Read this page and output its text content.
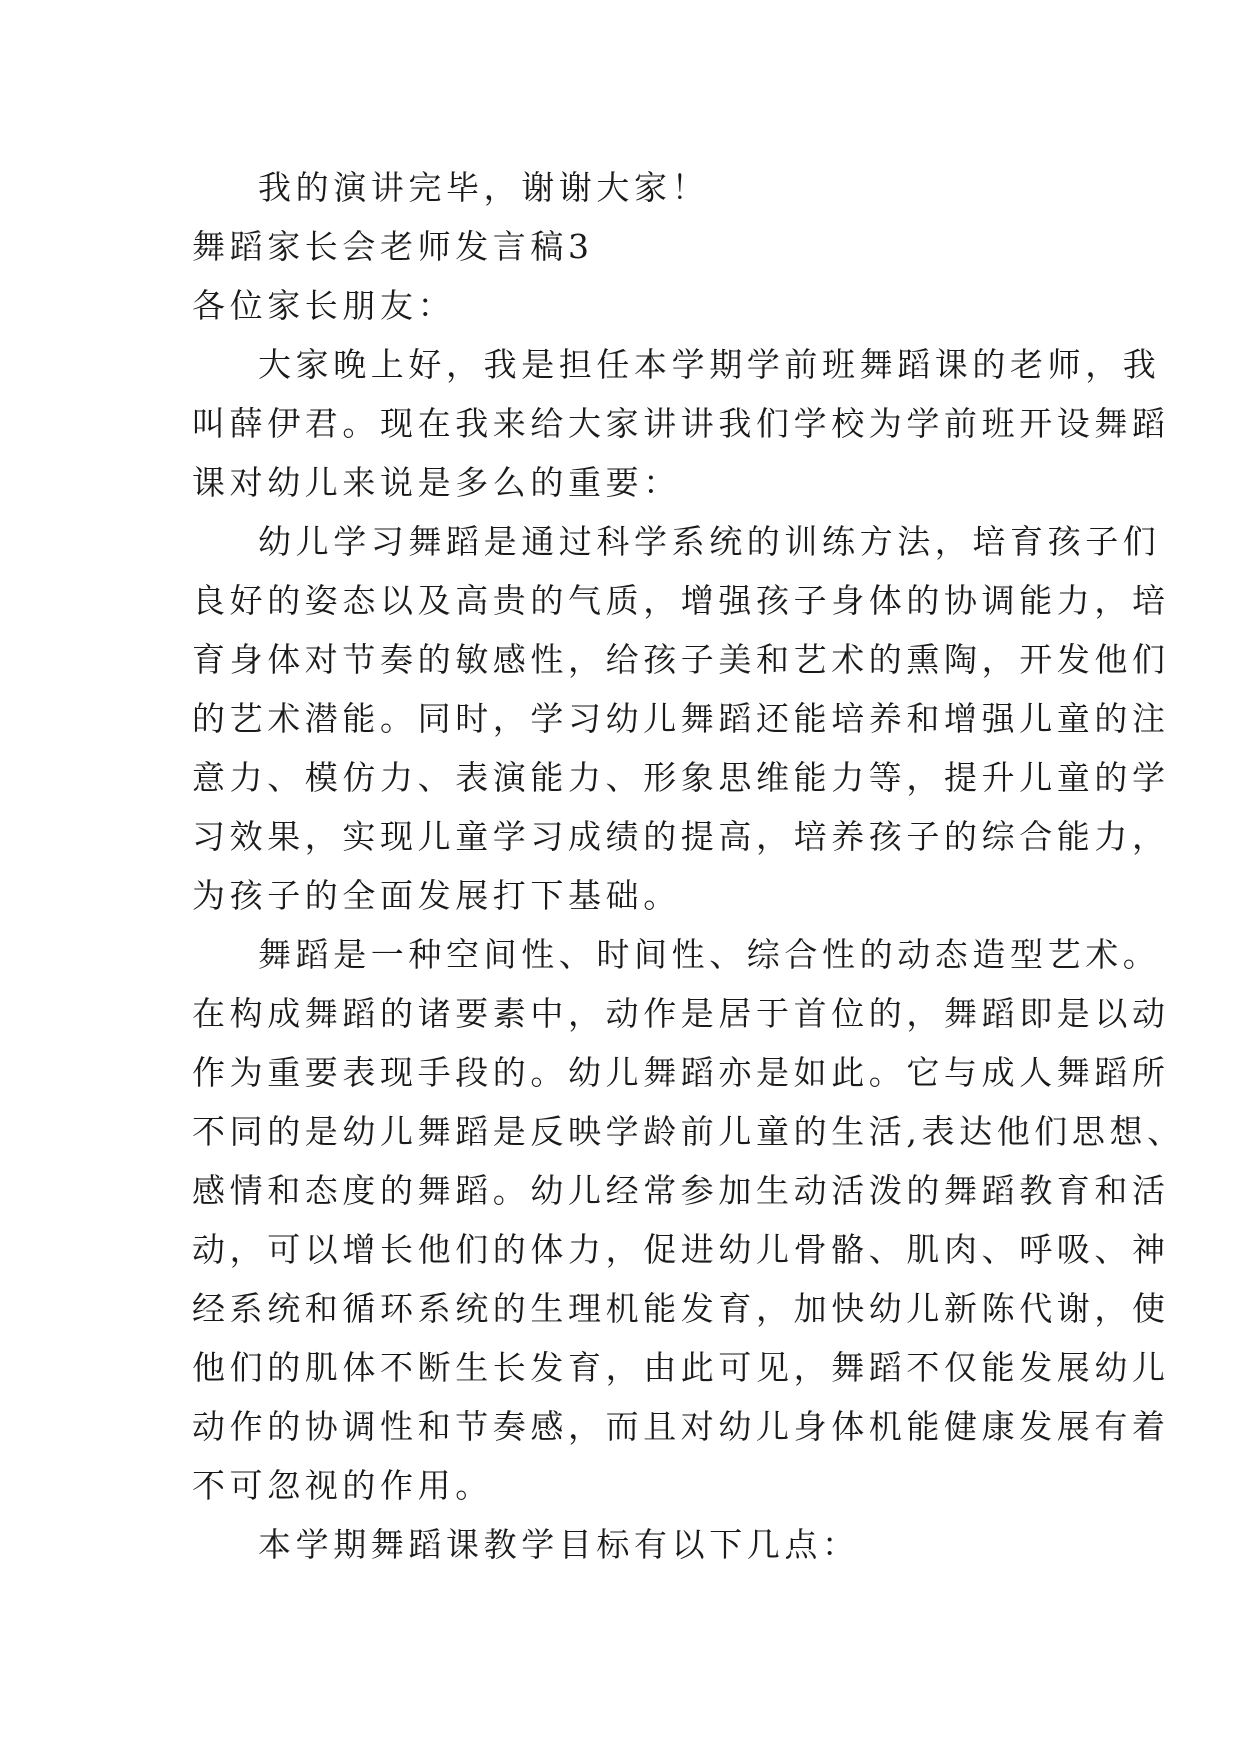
我的演讲完毕，谢谢大家！
舞蹈家长会老师发言稿3
各位家长朋友：
大家晚上好，我是担任本学期学前班舞蹈课的老师，我
叫薛伊君。现在我来给大家讲讲我们学校为学前班开设舞蹈
课对幼儿来说是多么的重要：
幼儿学习舞蹈是通过科学系统的训练方法，培育孩子们
良好的姿态以及高贵的气质，增强孩子身体的协调能力，培
育身体对节奏的敏感性，给孩子美和艺术的熏陶，开发他们
的艺术潜能。同时，学习幼儿舞蹈还能培养和增强儿童的注
意力、模仿力、表演能力、形象思维能力等，提升儿童的学
习效果，实现儿童学习成绩的提高，培养孩子的综合能力，
为孩子的全面发展打下基础。
舞蹈是一种空间性、时间性、综合性的动态造型艺术。
在构成舞蹈的诸要素中，动作是居于首位的，舞蹈即是以动
作为重要表现手段的。幼儿舞蹈亦是如此。它与成人舞蹈所
不同的是幼儿舞蹈是反映学龄前儿童的生活,表达他们思想、
感情和态度的舞蹈。幼儿经常参加生动活泼的舞蹈教育和活
动，可以增长他们的体力，促进幼儿骨骼、肌肉、呼吸、神
经系统和循环系统的生理机能发育，加快幼儿新陈代谢，使
他们的肌体不断生长发育，由此可见，舞蹈不仅能发展幼儿
动作的协调性和节奏感，而且对幼儿身体机能健康发展有着
不可忽视的作用。
本学期舞蹈课教学目标有以下几点：
